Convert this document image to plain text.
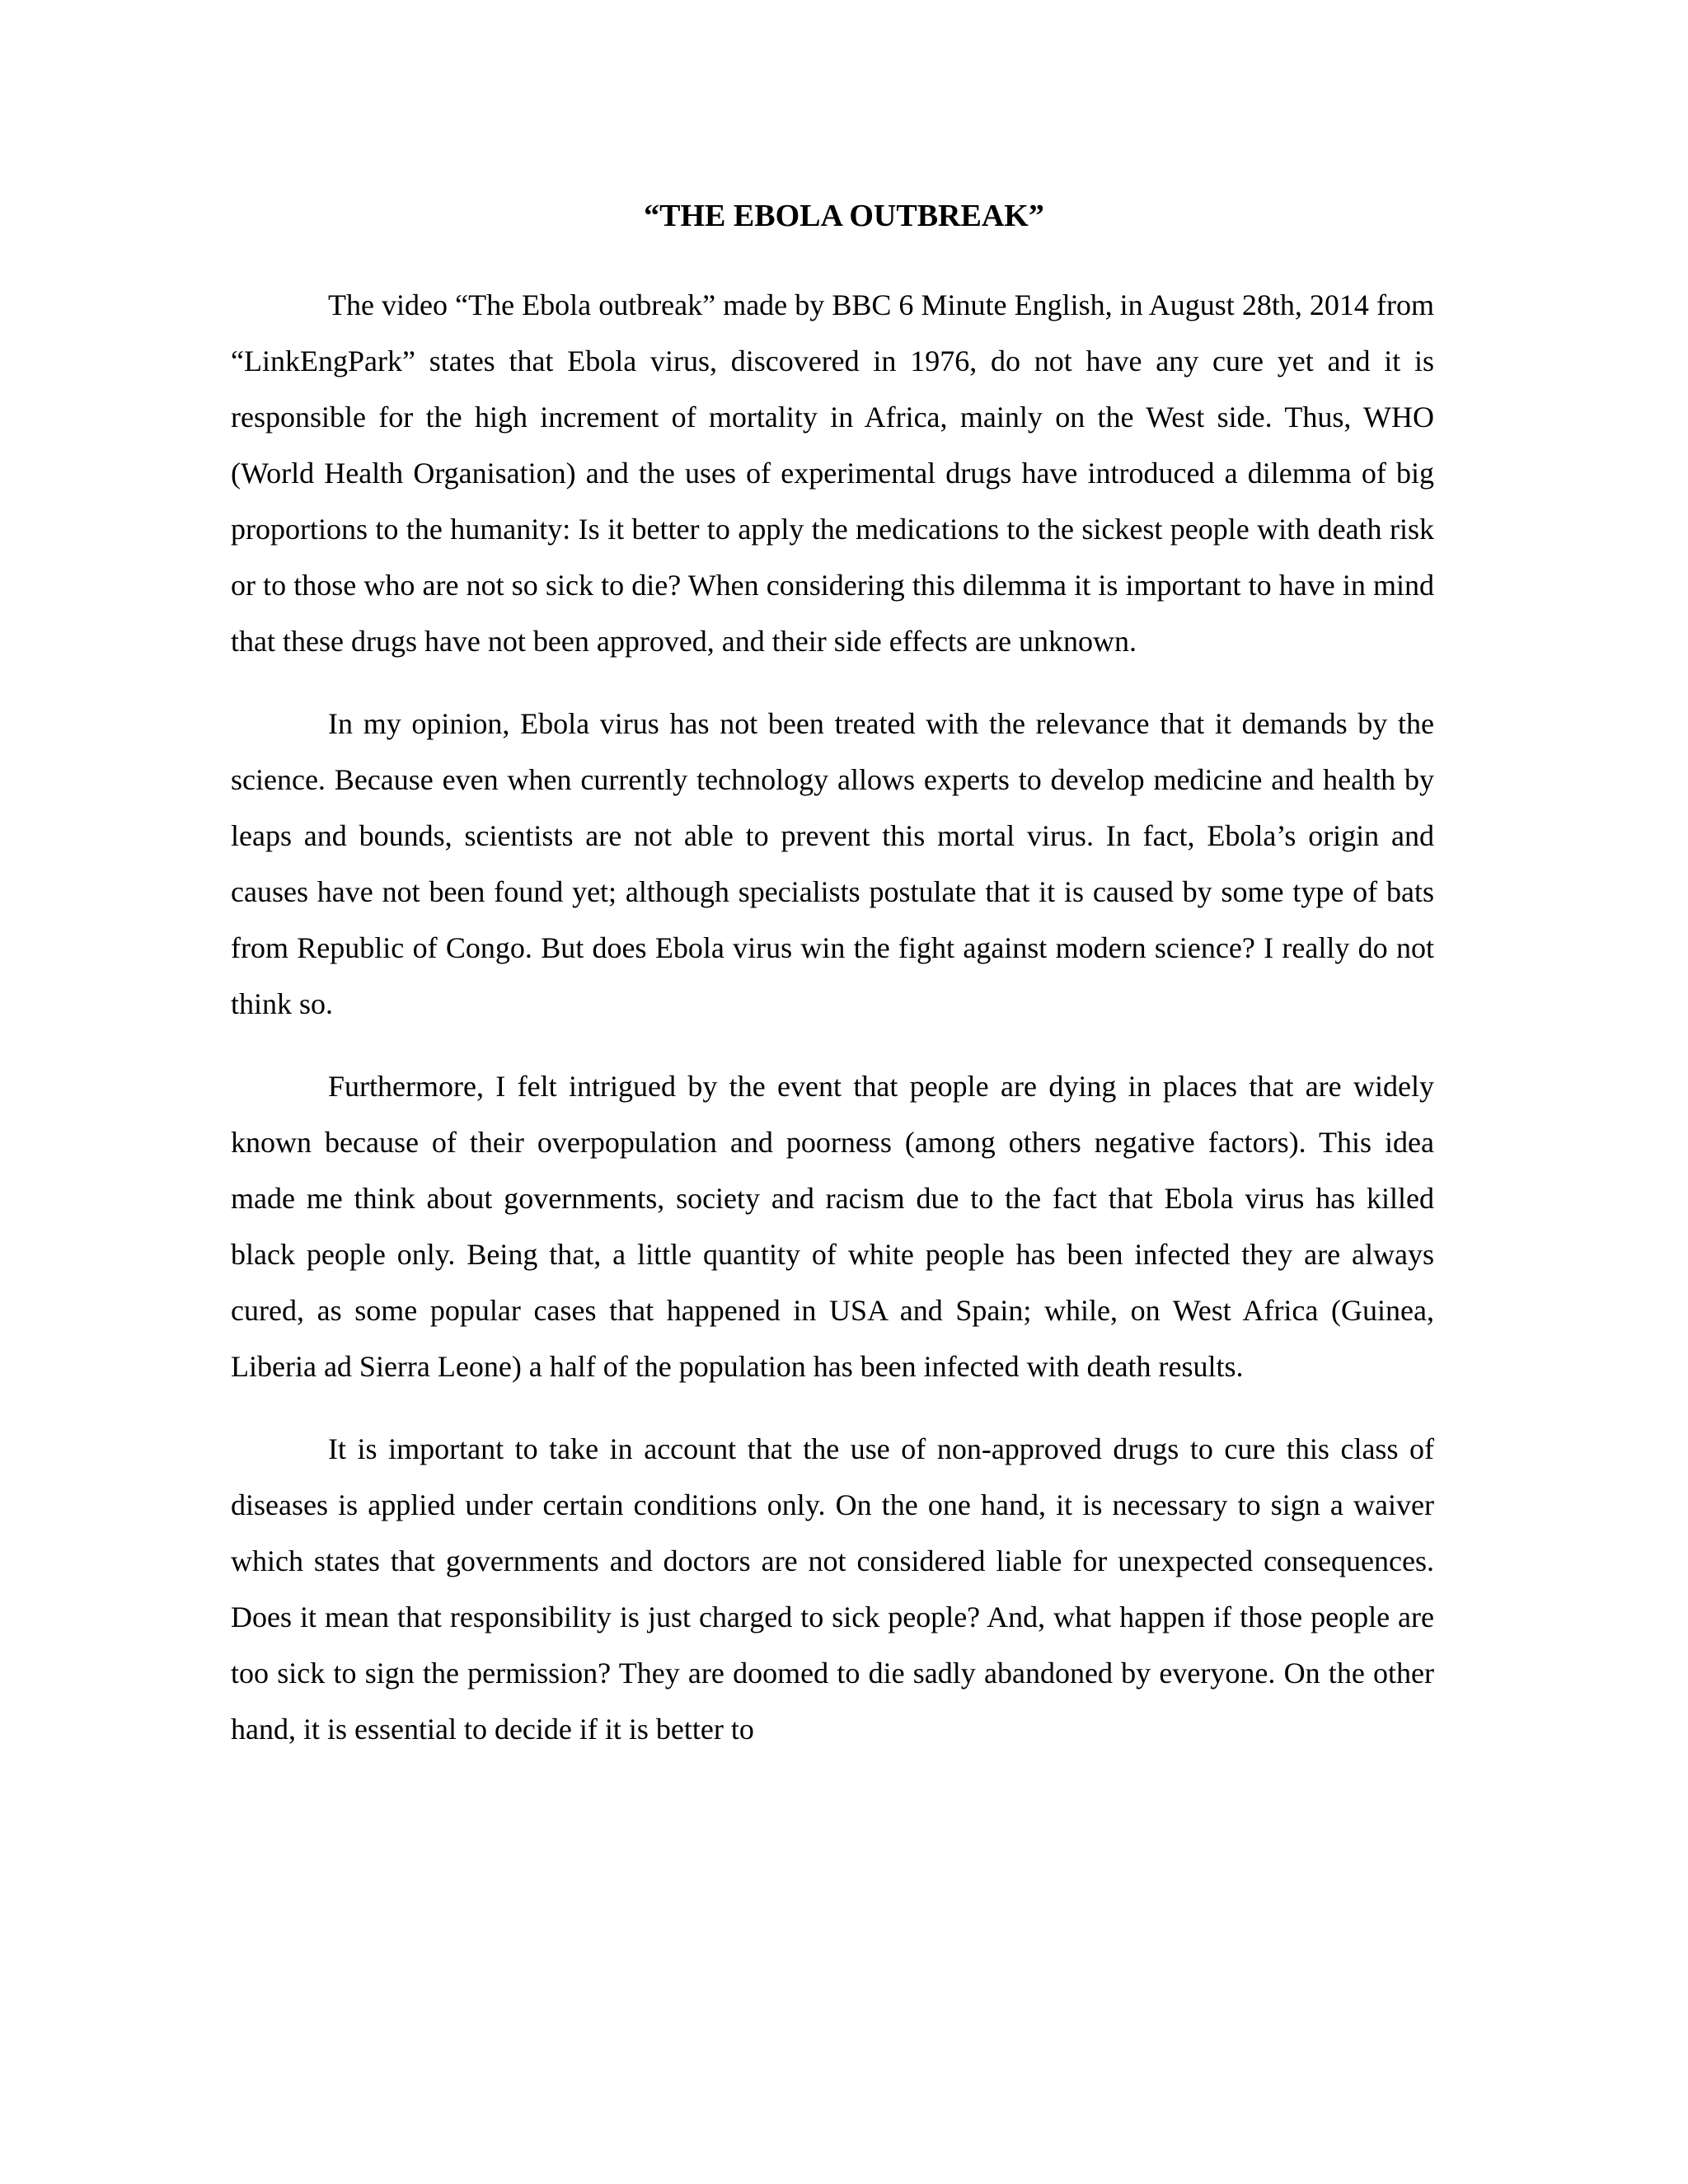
“THE EBOLA OUTBREAK”

The video “The Ebola outbreak” made by BBC 6 Minute English, in August 28th, 2014 from “LinkEngPark” states that Ebola virus, discovered in 1976, do not have any cure yet and it is responsible for the high increment of mortality in Africa, mainly on the West side. Thus, WHO (World Health Organisation) and the uses of experimental drugs have introduced a dilemma of big proportions to the humanity: Is it better to apply the medications to the sickest people with death risk or to those who are not so sick to die? When considering this dilemma it is important to have in mind that these drugs have not been approved, and their side effects are unknown.

In my opinion, Ebola virus has not been treated with the relevance that it demands by the science. Because even when currently technology allows experts to develop medicine and health by leaps and bounds, scientists are not able to prevent this mortal virus. In fact, Ebola’s origin and causes have not been found yet; although specialists postulate that it is caused by some type of bats from Republic of Congo. But does Ebola virus win the fight against modern science? I really do not think so.

Furthermore, I felt intrigued by the event that people are dying in places that are widely known because of their overpopulation and poorness (among others negative factors). This idea made me think about governments, society and racism due to the fact that Ebola virus has killed black people only. Being that, a little quantity of white people has been infected they are always cured, as some popular cases that happened in USA and Spain; while, on West Africa (Guinea, Liberia ad Sierra Leone) a half of the population has been infected with death results.

It is important to take in account that the use of non-approved drugs to cure this class of diseases is applied under certain conditions only. On the one hand, it is necessary to sign a waiver which states that governments and doctors are not considered liable for unexpected consequences. Does it mean that responsibility is just charged to sick people? And, what happen if those people are too sick to sign the permission? They are doomed to die sadly abandoned by everyone. On the other hand, it is essential to decide if it is better to
